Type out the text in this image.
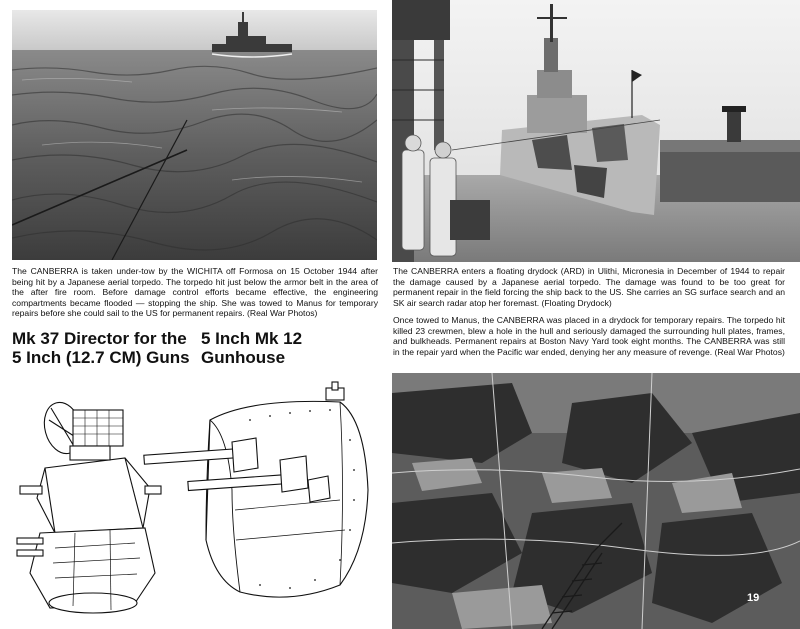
The CANBERRA is taken under-tow by the WICHITA off Formosa on 15 October 1944 after being hit by a Japanese aerial torpedo. The torpedo hit just below the armor belt in the area of the after fire room. Before damage control efforts became effective, the engineering compartments became flooded — stopping the ship. She was towed to Manus for temporary repairs before she could sail to the US for permanent repairs. (Real War Photos)

The CANBERRA enters a floating drydock (ARD) in Ulithi, Micronesia in December of 1944 to repair the damage caused by a Japanese aerial torpedo. The damage was found to be too great for permanent repair in the field forcing the ship back to the US. She carries an SG surface search and an SK air search radar atop her foremast. (Floating Drydock)

Once towed to Manus, the CANBERRA was placed in a drydock for temporary repairs. The torpedo hit killed 23 crewmen, blew a hole in the hull and seriously damaged the surrounding hull plates, frames, and bulkheads. Permanent repairs at Boston Navy Yard took eight months. The CANBERRA was still in the repair yard when the Pacific war ended, denying her any measure of revenge. (Real War Photos)

Mk 37 Director for the 5 Inch (12.7 CM) Guns
5 Inch Mk 12 Gunhouse
19
